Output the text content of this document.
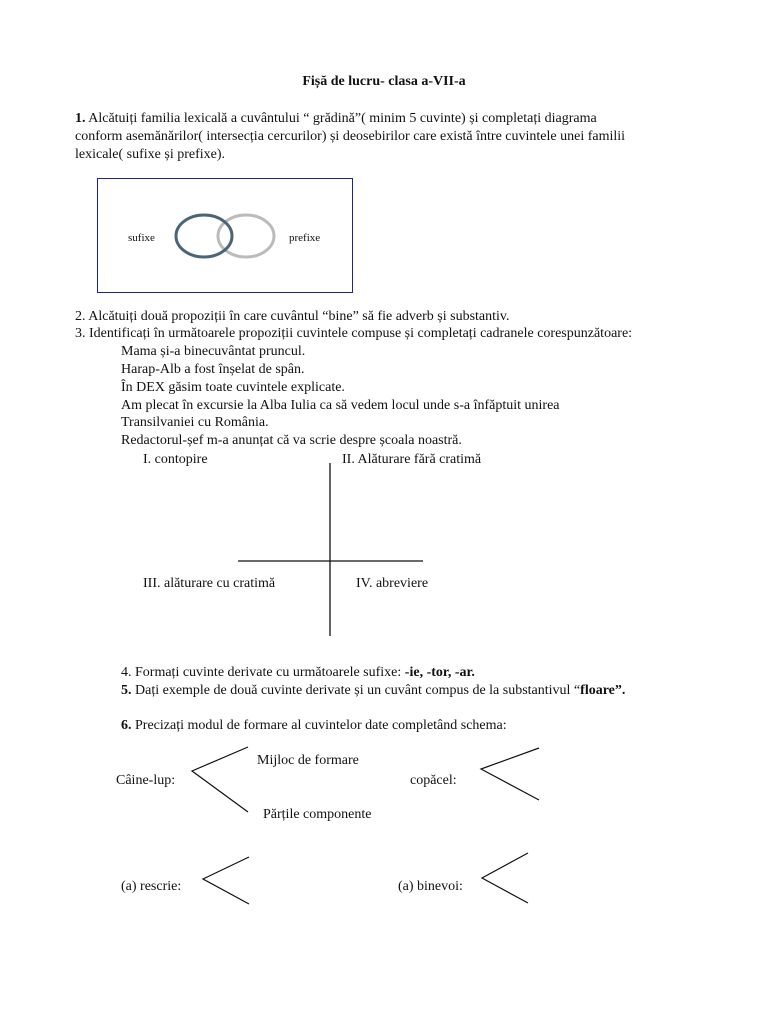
Fișă de lucru- clasa a-VII-a
1. Alcătuiți familia lexicală a cuvântului “ grădină”( minim 5 cuvinte) și completați diagrama
conform asemănărilor( intersecția cercurilor) și deosebirilor care există între cuvintele unei familii
lexicale( sufixe și prefixe).
sufixe	prefixe
2. Alcătuiți două propoziții în care cuvântul “bine” să fie adverb și substantiv.
3. Identificați în următoarele propoziții cuvintele compuse și completați cadranele corespunzătoare:
Mama și-a binecuvântat pruncul.
Harap-Alb a fost înșelat de spân.
În DEX găsim toate cuvintele explicate.
Am plecat în excursie la Alba Iulia ca să vedem locul unde s-a înfăptuit unirea
Transilvaniei cu România.
Redactorul-șef m-a anunțat că va scrie despre școala noastră.
I. contopire	II. Alăturare fără cratimă
III. alăturare cu cratimă	IV. abreviere
4. Formați cuvinte derivate cu următoarele sufixe: -ie, -tor, -ar.
5. Dați exemple de două cuvinte derivate și un cuvânt compus de la substantivul “floare”.
6. Precizați modul de formare al cuvintelor date completând schema:
Mijloc de formare
Câine-lup:
Părțile componente
copăcel:
(a) rescrie:	(a) binevoi:
